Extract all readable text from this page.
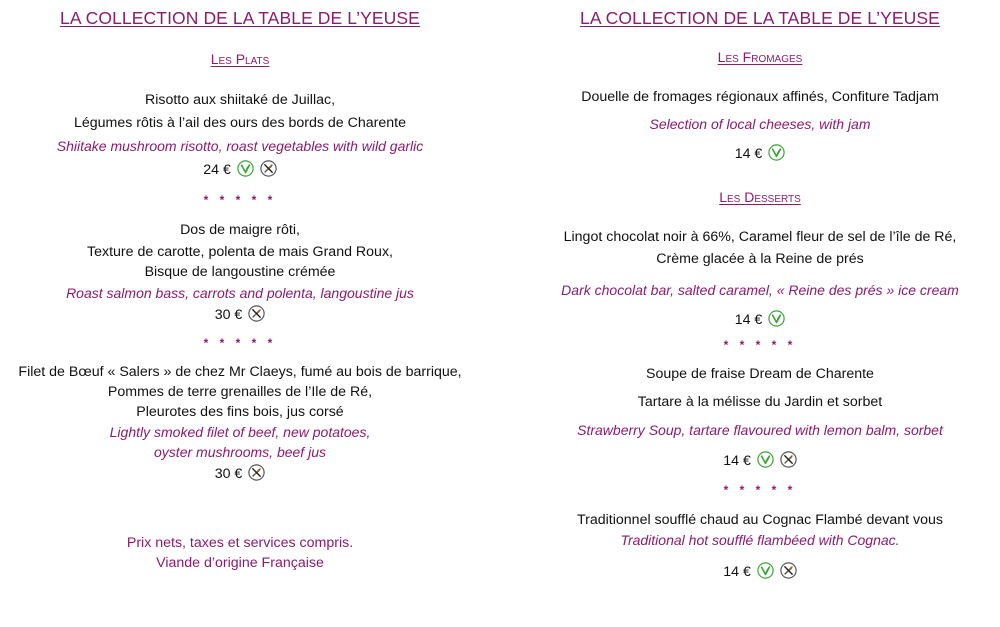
LA COLLECTION DE LA TABLE DE L’YEUSE
Les Plats
Risotto aux shiitaké de Juillac,
Légumes rôtis à l’ail des ours des bords de Charente
Shiitake mushroom risotto, roast vegetables with wild garlic
24 €
* * * * *
Dos de maigre rôti,
Texture de carotte, polenta de mais Grand Roux,
Bisque de langoustine crémée
Roast salmon bass, carrots and polenta, langoustine jus
30 €
* * * * *
Filet de Bœuf « Salers » de chez Mr Claeys, fumé au bois de barrique,
Pommes de terre grenailles de l’Ile de Ré,
Pleurotes des fins bois, jus corsé
Lightly smoked filet of beef, new potatoes,
oyster mushrooms, beef jus
30 €
Prix nets, taxes et services compris.
Viande d’origine Française
LA COLLECTION DE LA TABLE DE L’YEUSE
Les Fromages
Douelle de fromages régionaux affinés, Confiture Tadjam
Selection of local cheeses, with jam
14 €
Les Desserts
Lingot chocolat noir à 66%, Caramel fleur de sel de l’île de Ré,
Crème glacée à la Reine de prés
Dark chocolat bar, salted caramel, « Reine des prés » ice cream
14 €
* * * * *
Soupe de fraise Dream de Charente
Tartare à la mélisse du Jardin et sorbet
Strawberry Soup, tartare flavoured with lemon balm, sorbet
14 €
* * * * *
Traditionnel soufflé chaud au Cognac Flambé devant vous
Traditional hot soufflé flambéed with Cognac.
14 €
